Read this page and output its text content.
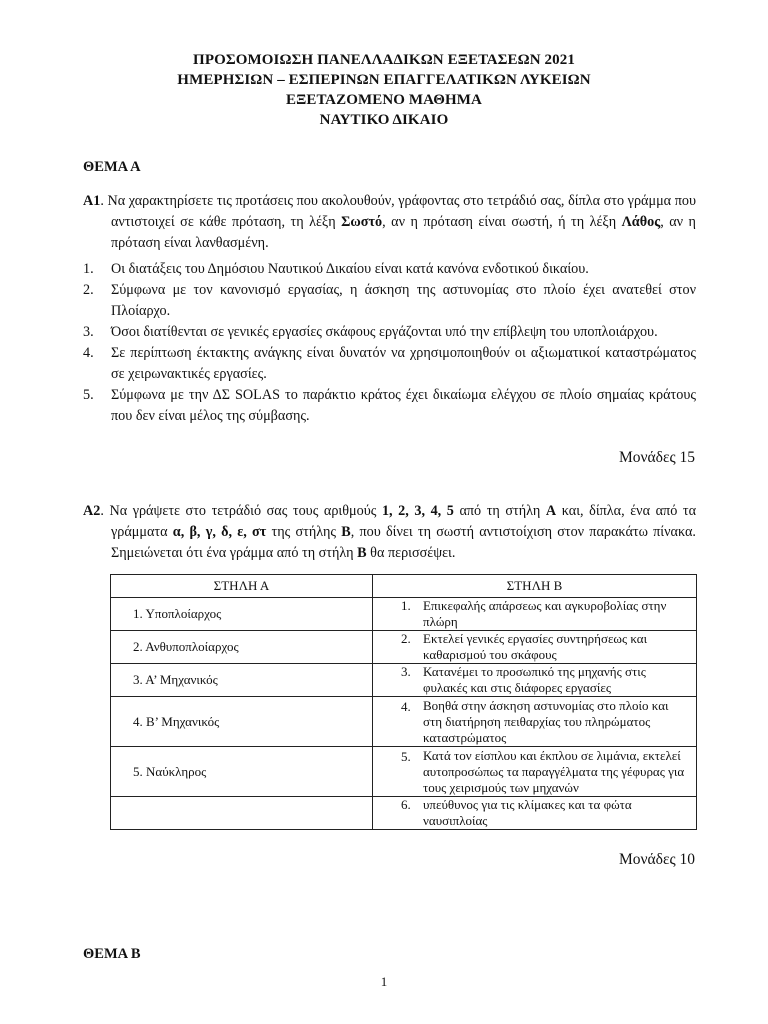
ΠΡΟΣΟΜΟΙΩΣΗ ΠΑΝΕΛΛΑΔΙΚΩΝ ΕΞΕΤΑΣΕΩΝ 2021
ΗΜΕΡΗΣΙΩΝ – ΕΣΠΕΡΙΝΩΝ ΕΠΑΓΓΕΛΑΤΙΚΩΝ ΛΥΚΕΙΩΝ
ΕΞΕΤΑΖΟΜΕΝΟ ΜΑΘΗΜΑ
ΝΑΥΤΙΚΟ ΔΙΚΑΙΟ
ΘΕΜΑ Α
Α1. Να χαρακτηρίσετε τις προτάσεις που ακολουθούν, γράφοντας στο τετράδιό σας, δίπλα στο γράμμα που αντιστοιχεί σε κάθε πρόταση, τη λέξη Σωστό, αν η πρόταση είναι σωστή, ή τη λέξη Λάθος, αν η πρόταση είναι λανθασμένη.
1. Οι διατάξεις του Δημόσιου Ναυτικού Δικαίου είναι κατά κανόνα ενδοτικού δικαίου.
2. Σύμφωνα με τον κανονισμό εργασίας, η άσκηση της αστυνομίας στο πλοίο έχει ανατεθεί στον Πλοίαρχο.
3. Όσοι διατίθενται σε γενικές εργασίες σκάφους εργάζονται υπό την επίβλεψη του υποπλοιάρχου.
4. Σε περίπτωση έκτακτης ανάγκης είναι δυνατόν να χρησιμοποιηθούν οι αξιωματικοί καταστρώματος σε χειρωνακτικές εργασίες.
5. Σύμφωνα με την ΔΣ SOLAS το παράκτιο κράτος έχει δικαίωμα ελέγχου σε πλοίο σημαίας κράτους που δεν είναι μέλος της σύμβασης.
Μονάδες 15
Α2. Να γράψετε στο τετράδιό σας τους αριθμούς 1, 2, 3, 4, 5 από τη στήλη Α και, δίπλα, ένα από τα γράμματα α, β, γ, δ, ε, στ της στήλης Β, που δίνει τη σωστή αντιστοίχιση στον παρακάτω πίνακα. Σημειώνεται ότι ένα γράμμα από τη στήλη Β θα περισσέψει.
ΣΤΗΛΗ Α	ΣΤΗΛΗ Β
1. Υποπλοίαρχος	1. Επικεφαλής απάρσεως και αγκυροβολίας στην πλώρη

2. Ανθυποπλοίαρχος	2. Εκτελεί γενικές εργασίες συντηρήσεως και καθαρισμού του σκάφους

3. Α’ Μηχανικός	3. Κατανέμει το προσωπικό της μηχανής στις φυλακές και στις διάφορες εργασίες

4. Β’ Μηχανικός	4. Βοηθά στην άσκηση αστυνομίας στο πλοίο και στη διατήρηση πειθαρχίας του πληρώματος καταστρώματος

5. Ναύκληρος	5. Κατά τον είσπλου και έκπλου σε λιμάνια, εκτελεί αυτοπροσώπως τα παραγγέλματα της γέφυρας για τους χειρισμούς των μηχανών

	6. υπεύθυνος για τις κλίμακες και τα φώτα ναυσιπλοίας
Μονάδες 10
ΘΕΜΑ Β
1
